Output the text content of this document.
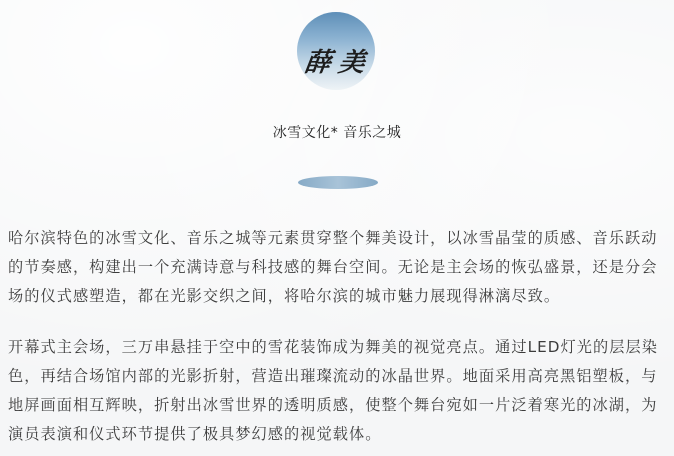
薛美
冰雪文化* 音乐之城

哈尔滨特色的冰雪文化、音乐之城等元素贯穿整个舞美设计，以冰雪晶莹的质感、音乐跃动的节奏感，构建出一个充满诗意与科技感的舞台空间。无论是主会场的恢弘盛景，还是分会场的仪式感塑造，都在光影交织之间，将哈尔滨的城市魅力展现得淋漓尽致。

开幕式主会场，三万串悬挂于空中的雪花装饰成为舞美的视觉亮点。通过LED灯光的层层染色，再结合场馆内部的光影折射，营造出璀璨流动的冰晶世界。地面采用高亮黑铝塑板，与地屏画面相互辉映，折射出冰雪世界的透明质感，使整个舞台宛如一片泛着寒光的冰湖，为演员表演和仪式环节提供了极具梦幻感的视觉载体。
